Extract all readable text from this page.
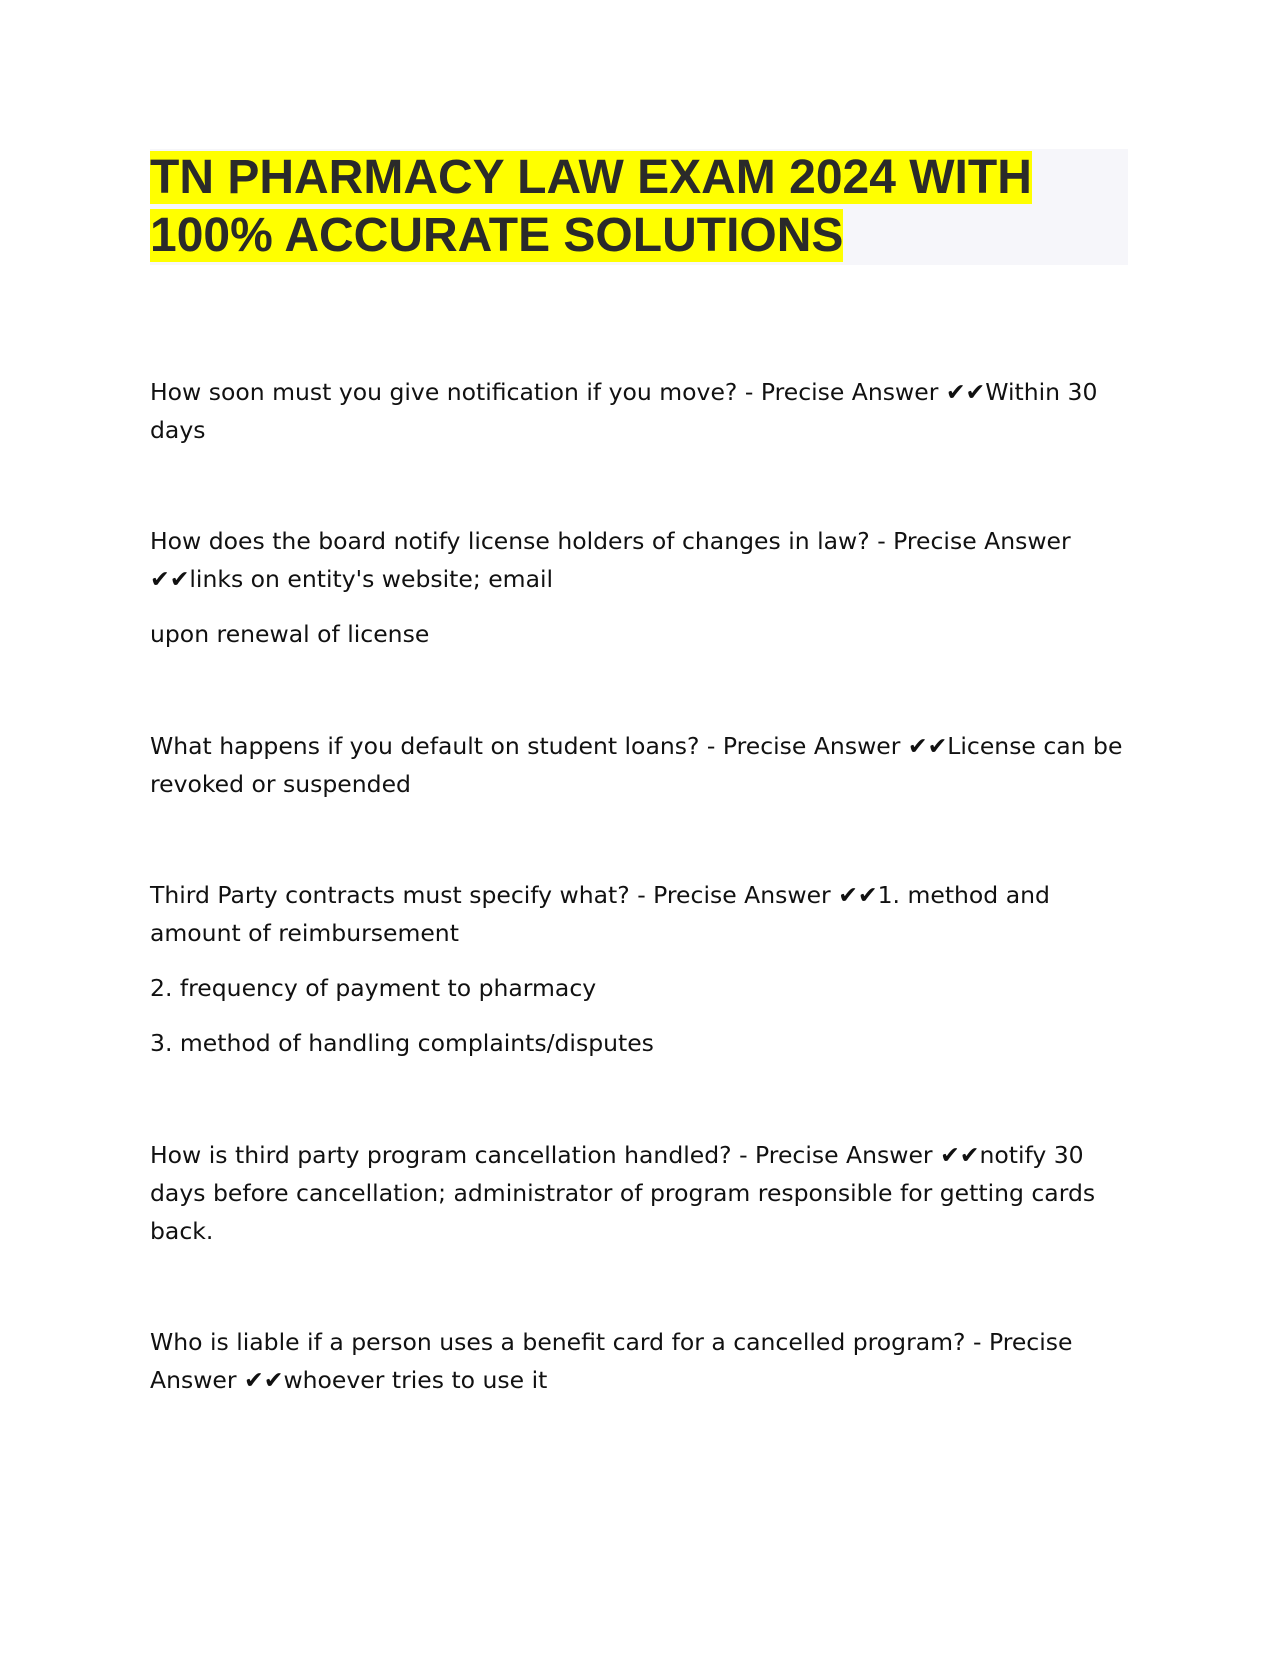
TN PHARMACY LAW EXAM 2024 WITH
100% ACCURATE SOLUTIONS

How soon must you give notification if you move? - Precise Answer ✔✔Within 30 days

How does the board notify license holders of changes in law? - Precise Answer ✔✔links on entity's website; email

upon renewal of license

What happens if you default on student loans? - Precise Answer ✔✔License can be revoked or suspended

Third Party contracts must specify what? - Precise Answer ✔✔1. method and amount of reimbursement

2. frequency of payment to pharmacy

3. method of handling complaints/disputes

How is third party program cancellation handled? - Precise Answer ✔✔notify 30 days before cancellation; administrator of program responsible for getting cards back.

Who is liable if a person uses a benefit card for a cancelled program? - Precise Answer ✔✔whoever tries to use it
